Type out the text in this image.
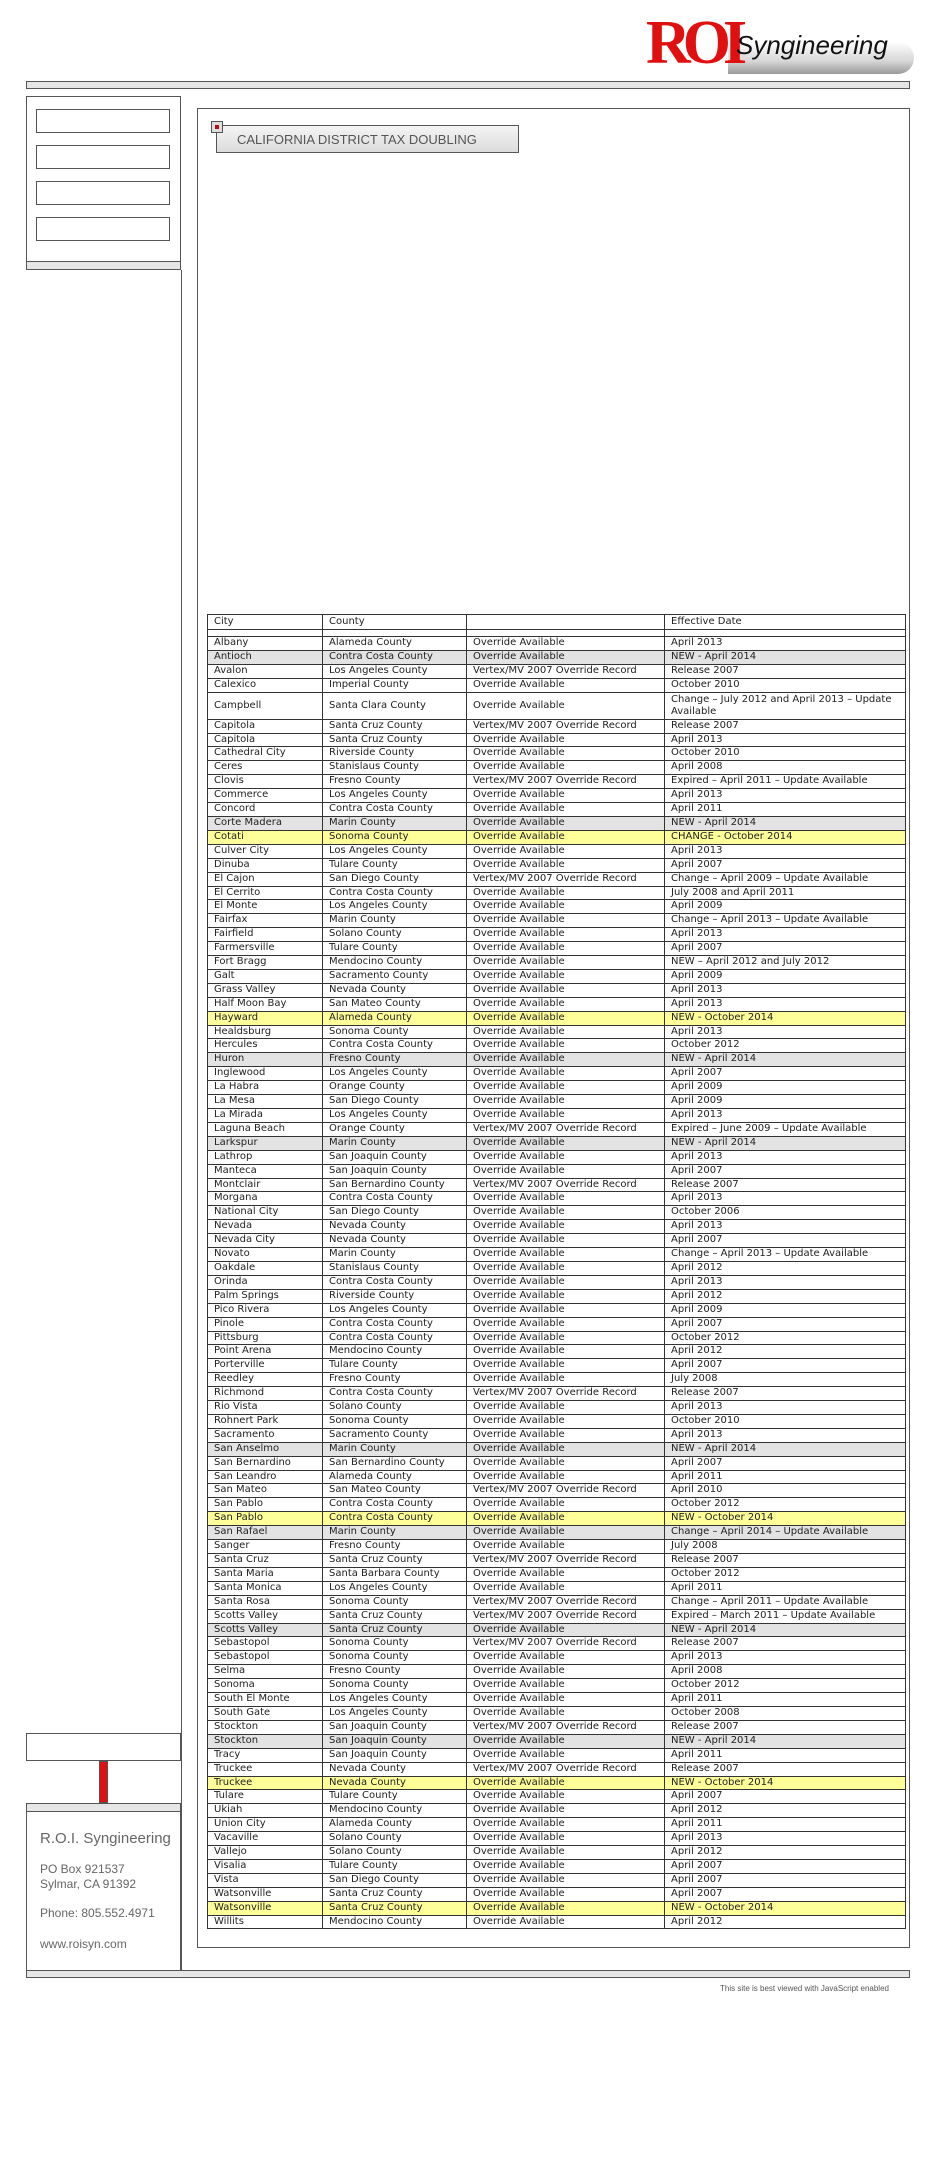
ROI
Syngineering
CALIFORNIA DISTRICT TAX DOUBLING
City	County		Effective Date

Albany	Alameda County	Override Available	April 2013
Antioch	Contra Costa County	Override Available	NEW - April 2014
Avalon	Los Angeles County	Vertex/MV 2007 Override Record	Release 2007
Calexico	Imperial County	Override Available	October 2010
Campbell	Santa Clara County	Override Available	Change – July 2012 and April 2013 – Update Available
Capitola	Santa Cruz County	Vertex/MV 2007 Override Record	Release 2007
Capitola	Santa Cruz County	Override Available	April 2013
Cathedral City	Riverside County	Override Available	October 2010
Ceres	Stanislaus County	Override Available	April 2008
Clovis	Fresno County	Vertex/MV 2007 Override Record	Expired – April 2011 – Update Available
Commerce	Los Angeles County	Override Available	April 2013
Concord	Contra Costa County	Override Available	April 2011
Corte Madera	Marin County	Override Available	NEW - April 2014
Cotati	Sonoma County	Override Available	CHANGE - October 2014
Culver City	Los Angeles County	Override Available	April 2013
Dinuba	Tulare County	Override Available	April 2007
El Cajon	San Diego County	Vertex/MV 2007 Override Record	Change – April 2009 – Update Available
El Cerrito	Contra Costa County	Override Available	July 2008 and April 2011
El Monte	Los Angeles County	Override Available	April 2009
Fairfax	Marin County	Override Available	Change – April 2013 – Update Available
Fairfield	Solano County	Override Available	April 2013
Farmersville	Tulare County	Override Available	April 2007
Fort Bragg	Mendocino County	Override Available	NEW – April 2012 and July 2012
Galt	Sacramento County	Override Available	April 2009
Grass Valley	Nevada County	Override Available	April 2013
Half Moon Bay	San Mateo County	Override Available	April 2013
Hayward	Alameda County	Override Available	NEW - October 2014
Healdsburg	Sonoma County	Override Available	April 2013
Hercules	Contra Costa County	Override Available	October 2012
Huron	Fresno County	Override Available	NEW - April 2014
Inglewood	Los Angeles County	Override Available	April 2007
La Habra	Orange County	Override Available	April 2009
La Mesa	San Diego County	Override Available	April 2009
La Mirada	Los Angeles County	Override Available	April 2013
Laguna Beach	Orange County	Vertex/MV 2007 Override Record	Expired – June 2009 – Update Available
Larkspur	Marin County	Override Available	NEW - April 2014
Lathrop	San Joaquin County	Override Available	April 2013
Manteca	San Joaquin County	Override Available	April 2007
Montclair	San Bernardino County	Vertex/MV 2007 Override Record	Release 2007
Morgana	Contra Costa County	Override Available	April 2013
National City	San Diego County	Override Available	October 2006
Nevada	Nevada County	Override Available	April 2013
Nevada City	Nevada County	Override Available	April 2007
Novato	Marin County	Override Available	Change – April 2013 – Update Available
Oakdale	Stanislaus County	Override Available	April 2012
Orinda	Contra Costa County	Override Available	April 2013
Palm Springs	Riverside County	Override Available	April 2012
Pico Rivera	Los Angeles County	Override Available	April 2009
Pinole	Contra Costa County	Override Available	April 2007
Pittsburg	Contra Costa County	Override Available	October 2012
Point Arena	Mendocino County	Override Available	April 2012
Porterville	Tulare County	Override Available	April 2007
Reedley	Fresno County	Override Available	July 2008
Richmond	Contra Costa County	Vertex/MV 2007 Override Record	Release 2007
Rio Vista	Solano County	Override Available	April 2013
Rohnert Park	Sonoma County	Override Available	October 2010
Sacramento	Sacramento County	Override Available	April 2013
San Anselmo	Marin County	Override Available	NEW - April 2014
San Bernardino	San Bernardino County	Override Available	April 2007
San Leandro	Alameda County	Override Available	April 2011
San Mateo	San Mateo County	Vertex/MV 2007 Override Record	April 2010
San Pablo	Contra Costa County	Override Available	October 2012
San Pablo	Contra Costa County	Override Available	NEW - October 2014
San Rafael	Marin County	Override Available	Change – April 2014 – Update Available
Sanger	Fresno County	Override Available	July 2008
Santa Cruz	Santa Cruz County	Vertex/MV 2007 Override Record	Release 2007
Santa Maria	Santa Barbara County	Override Available	October 2012
Santa Monica	Los Angeles County	Override Available	April 2011
Santa Rosa	Sonoma County	Vertex/MV 2007 Override Record	Change – April 2011 – Update Available
Scotts Valley	Santa Cruz County	Vertex/MV 2007 Override Record	Expired – March 2011 – Update Available
Scotts Valley	Santa Cruz County	Override Available	NEW - April 2014
Sebastopol	Sonoma County	Vertex/MV 2007 Override Record	Release 2007
Sebastopol	Sonoma County	Override Available	April 2013
Selma	Fresno County	Override Available	April 2008
Sonoma	Sonoma County	Override Available	October 2012
South El Monte	Los Angeles County	Override Available	April 2011
South Gate	Los Angeles County	Override Available	October 2008
Stockton	San Joaquin County	Vertex/MV 2007 Override Record	Release 2007
Stockton	San Joaquin County	Override Available	NEW - April 2014
Tracy	San Joaquin County	Override Available	April 2011
Truckee	Nevada County	Vertex/MV 2007 Override Record	Release 2007
Truckee	Nevada County	Override Available	NEW - October 2014
Tulare	Tulare County	Override Available	April 2007
Ukiah	Mendocino County	Override Available	April 2012
Union City	Alameda County	Override Available	April 2011
Vacaville	Solano County	Override Available	April 2013
Vallejo	Solano County	Override Available	April 2012
Visalia	Tulare County	Override Available	April 2007
Vista	San Diego County	Override Available	April 2007
Watsonville	Santa Cruz County	Override Available	April 2007
Watsonville	Santa Cruz County	Override Available	NEW - October 2014
Willits	Mendocino County	Override Available	April 2012
R.O.I. Syngineering
PO Box 921537
Sylmar, CA 91392
Phone: 805.552.4971
www.roisyn.com
This site is best viewed with JavaScript enabled
